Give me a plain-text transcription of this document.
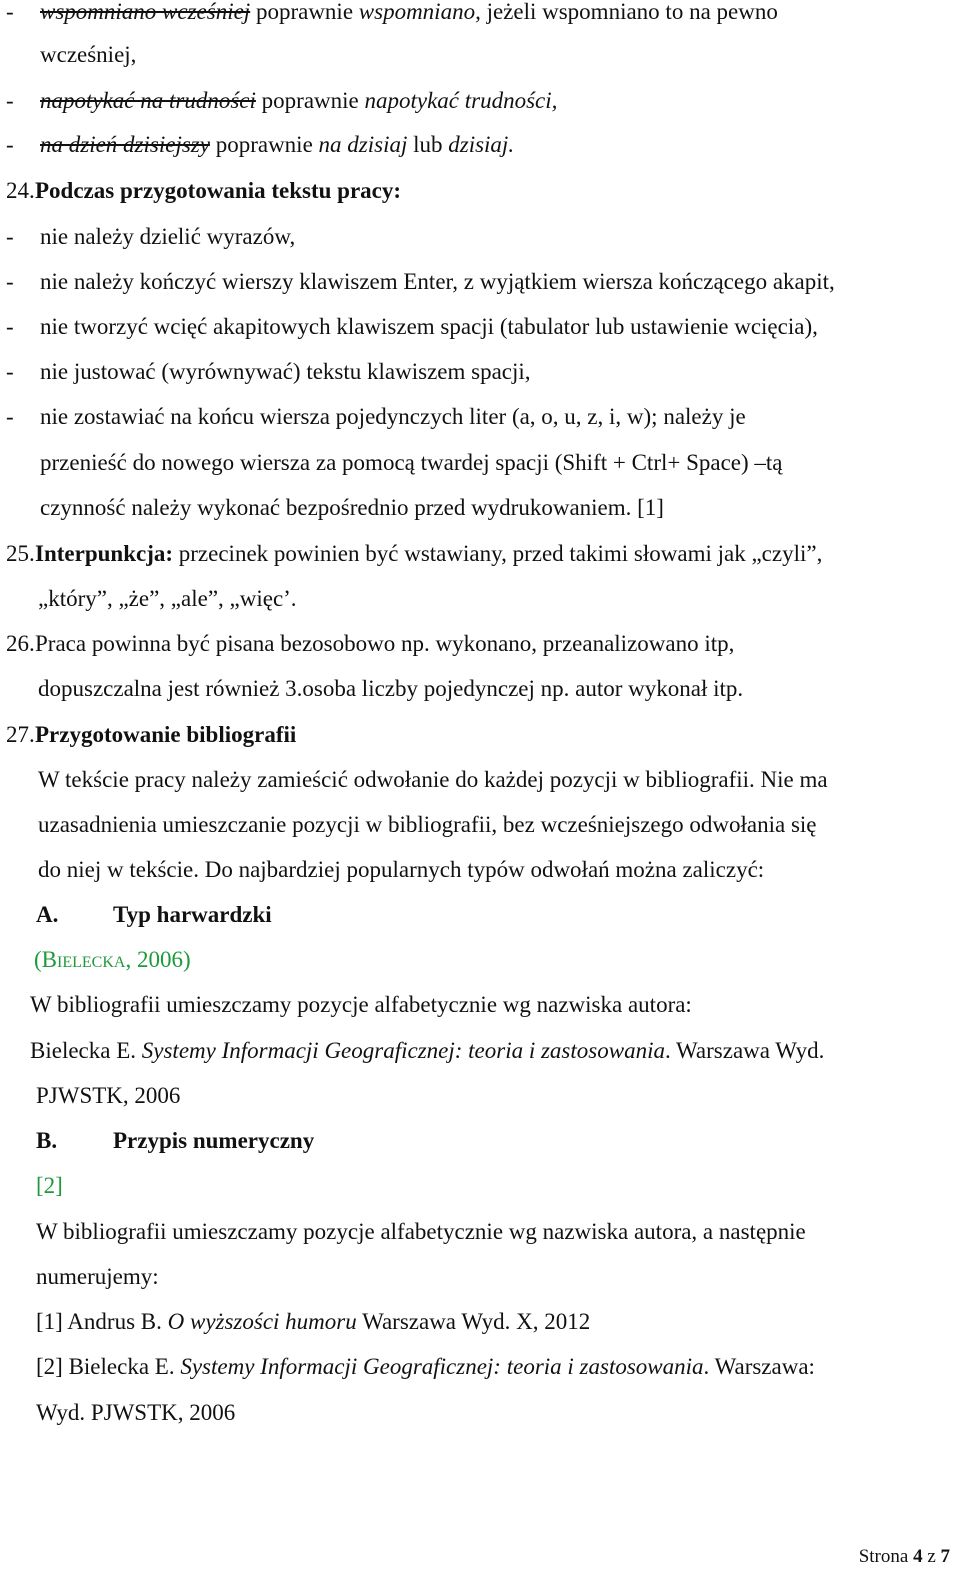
-	wspomniano wcześniej poprawnie wspomniano, jeżeli wspomniano to na pewno
wcześniej,
-	napotykać na trudności poprawnie napotykać trudności,
-	na dzień dzisiejszy poprawnie na dzisiaj lub dzisiaj.
24. Podczas przygotowania tekstu pracy:
-	nie należy dzielić wyrazów,
-	nie należy kończyć wierszy klawiszem Enter, z wyjątkiem wiersza kończącego akapit,
-	nie tworzyć wcięć akapitowych klawiszem spacji (tabulator lub ustawienie wcięcia),
-	nie justować (wyrównywać) tekstu klawiszem spacji,
-	nie zostawiać na końcu wiersza pojedynczych liter (a, o, u, z, i, w); należy je
przenieść do nowego wiersza za pomocą twardej spacji (Shift + Ctrl+ Space) –tą
czynność należy wykonać bezpośrednio przed wydrukowaniem. [1]
25. Interpunkcja: przecinek powinien być wstawiany, przed takimi słowami jak „czyli”,
„który”, „że”, „ale”, „więc’.
26. Praca powinna być pisana bezosobowo np. wykonano, przeanalizowano itp,
dopuszczalna jest również 3.osoba liczby pojedynczej np. autor wykonał itp.
27. Przygotowanie bibliografii
W tekście pracy należy zamieścić odwołanie do każdej pozycji w bibliografii. Nie ma
uzasadnienia umieszczanie pozycji w bibliografii, bez wcześniejszego odwołania się
do niej w tekście. Do najbardziej popularnych typów odwołań można zaliczyć:
A. Typ harwardzki
(Bielecka, 2006)
W bibliografii umieszczamy pozycje alfabetycznie wg nazwiska autora:
Bielecka E. Systemy Informacji Geograficznej: teoria i zastosowania. Warszawa Wyd.
PJWSTK, 2006
B. Przypis numeryczny
[2]
W bibliografii umieszczamy pozycje alfabetycznie wg nazwiska autora, a następnie
numerujemy:
[1] Andrus B. O wyższości humoru Warszawa Wyd. X, 2012
[2] Bielecka E. Systemy Informacji Geograficznej: teoria i zastosowania. Warszawa:
Wyd. PJWSTK, 2006
Strona 4 z 7
